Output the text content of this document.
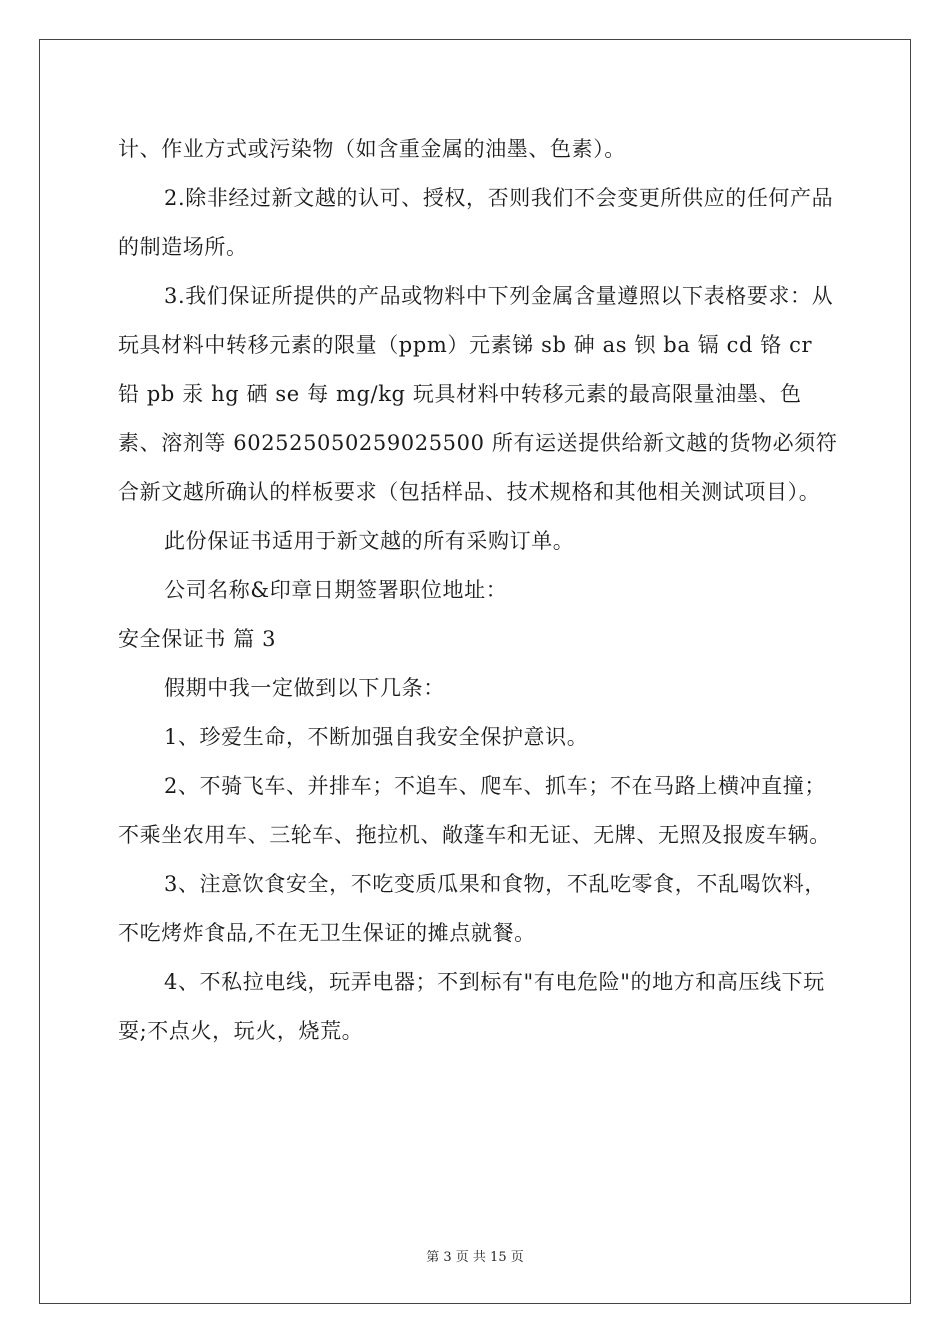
计、作业方式或污染物（如含重金属的油墨、色素）。

2.除非经过新文越的认可、授权，否则我们不会变更所供应的任何产品的制造场所。

3.我们保证所提供的产品或物料中下列金属含量遵照以下表格要求：从玩具材料中转移元素的限量（ppm）元素锑 sb 砷 as 钡 ba 镉 cd 铬 cr 铅 pb 汞 hg 硒 se 每 mg/kg 玩具材料中转移元素的最高限量油墨、色素、溶剂等 602525050259025500 所有运送提供给新文越的货物必须符合新文越所确认的样板要求（包括样品、技术规格和其他相关测试项目）。

此份保证书适用于新文越的所有采购订单。

公司名称&印章日期签署职位地址：

安全保证书 篇 3

假期中我一定做到以下几条：

1、珍爱生命，不断加强自我安全保护意识。

2、不骑飞车、并排车；不追车、爬车、抓车；不在马路上横冲直撞；不乘坐农用车、三轮车、拖拉机、敞蓬车和无证、无牌、无照及报废车辆。

3、注意饮食安全，不吃变质瓜果和食物，不乱吃零食，不乱喝饮料，不吃烤炸食品,不在无卫生保证的摊点就餐。

4、不私拉电线，玩弄电器；不到标有"有电危险"的地方和高压线下玩耍;不点火，玩火，烧荒。

第 3 页 共 15 页
